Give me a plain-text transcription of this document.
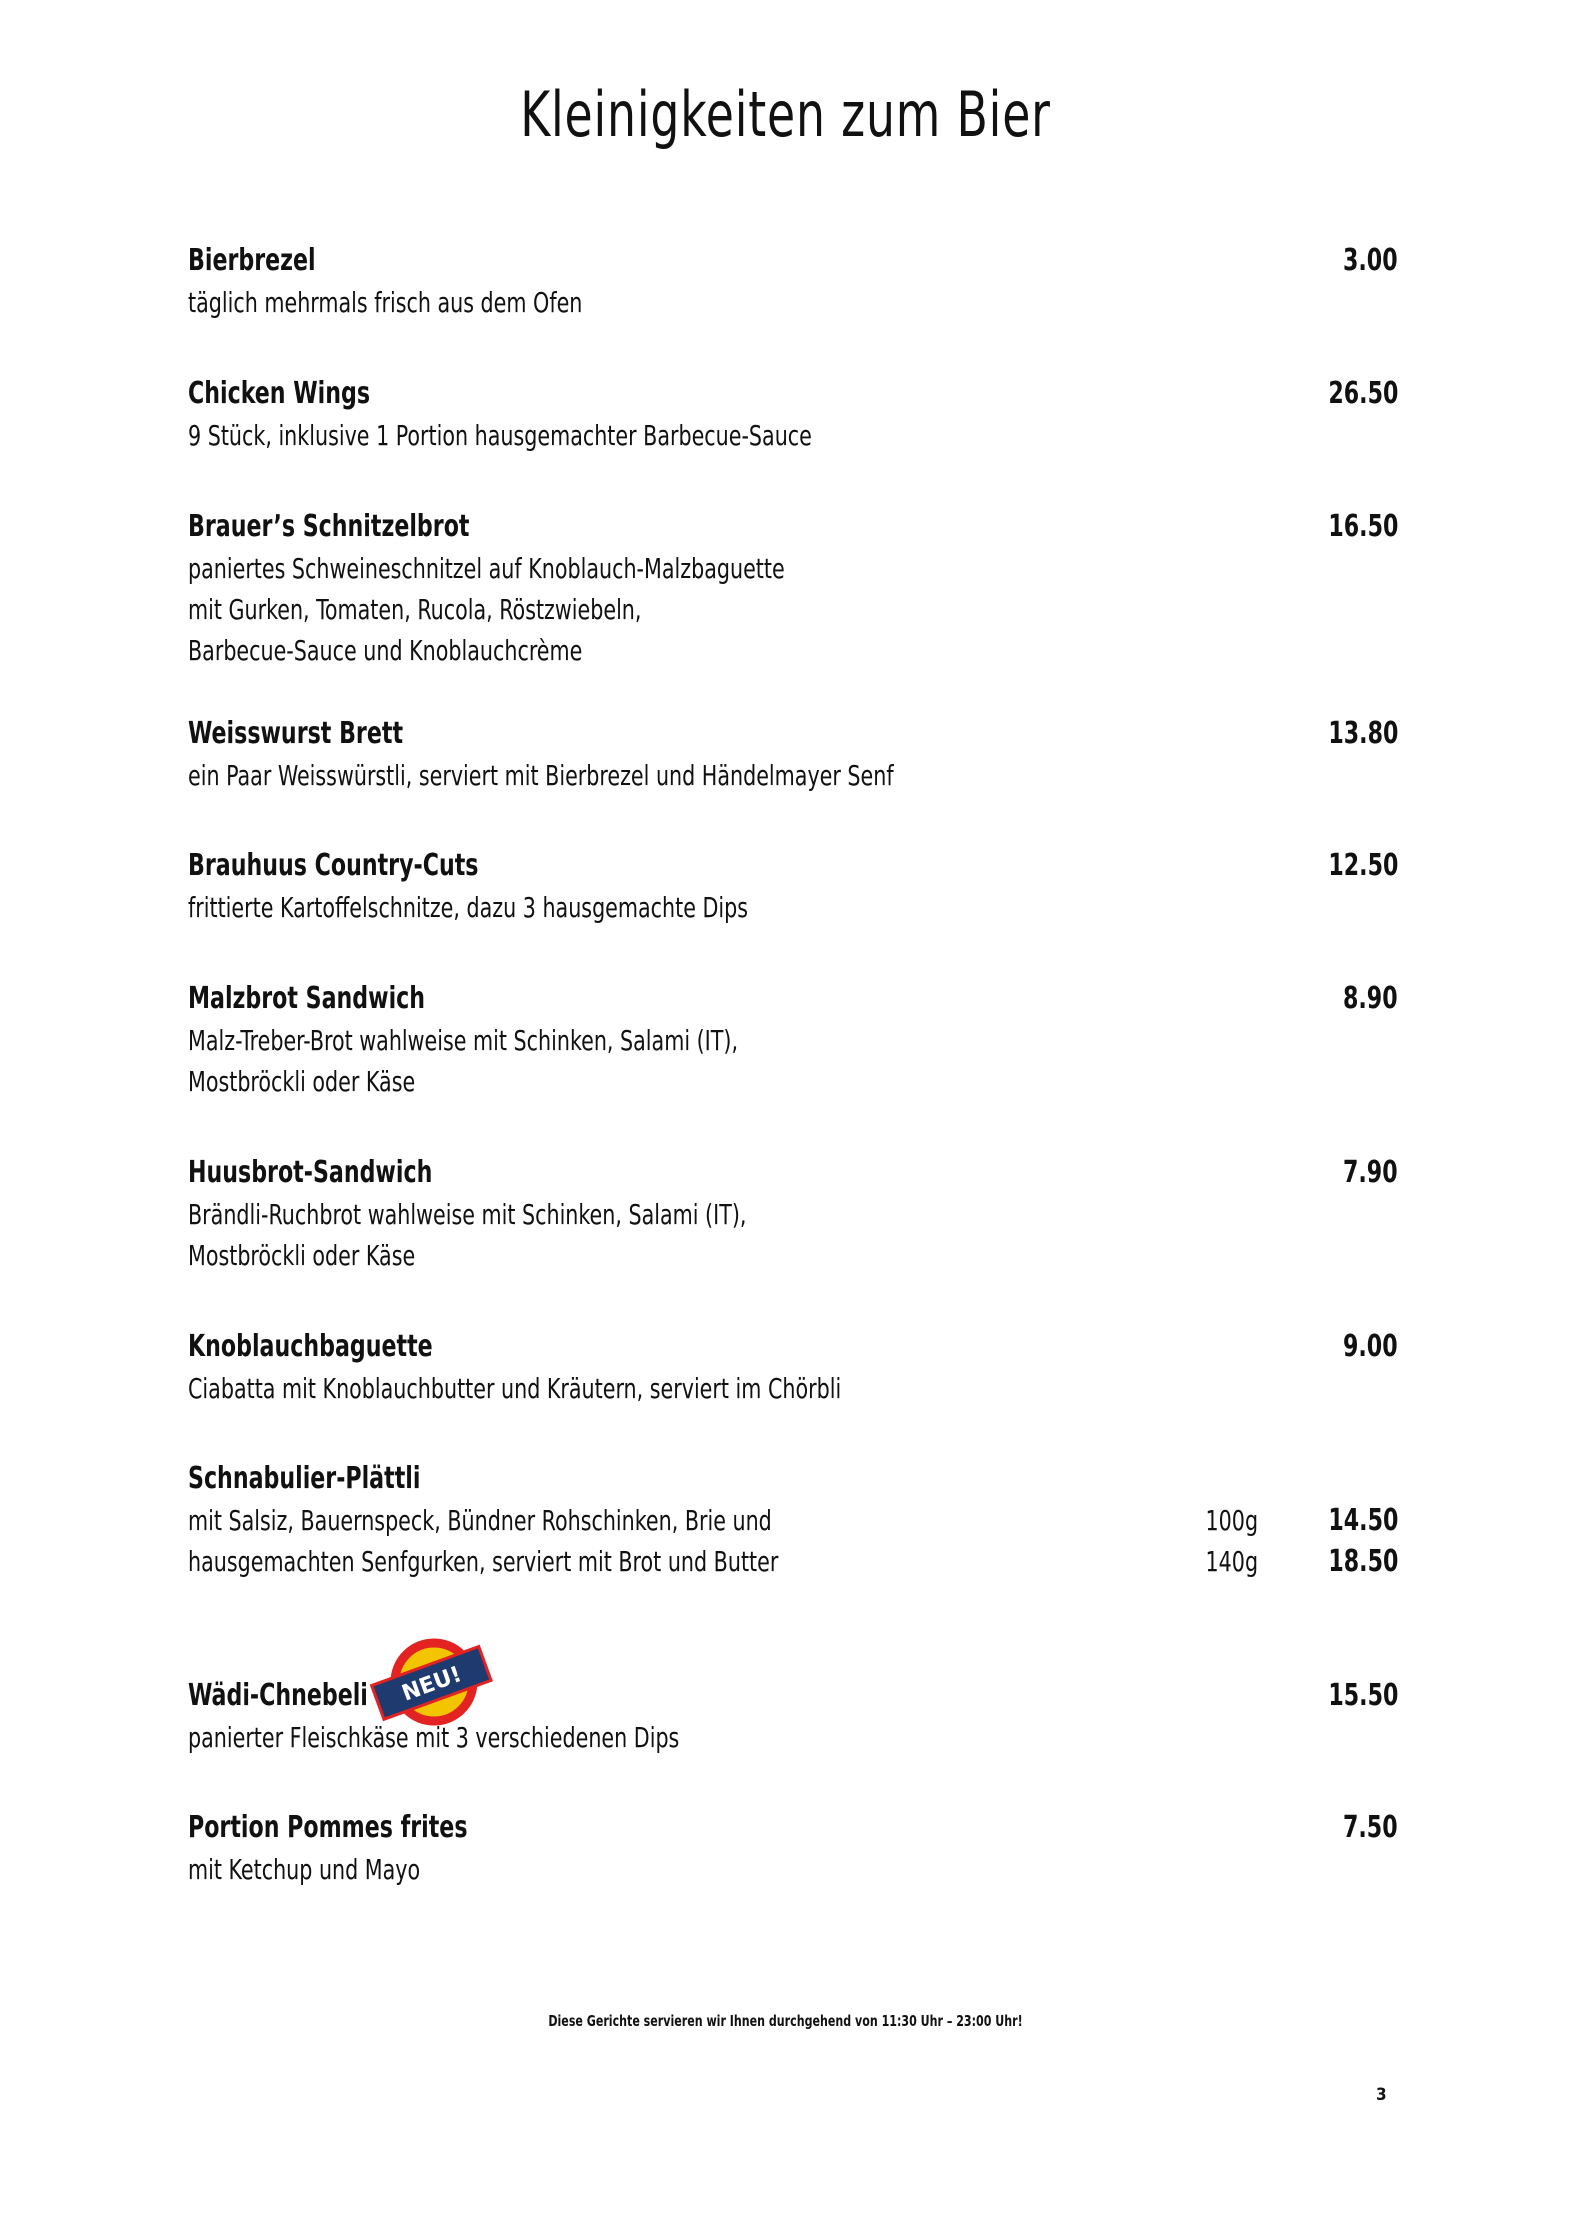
Kleinigkeiten zum Bier
Bierbrezel	3.00
täglich mehrmals frisch aus dem Ofen
Chicken Wings	26.50
9 Stück, inklusive 1 Portion hausgemachter Barbecue-Sauce
Brauer’s Schnitzelbrot	16.50
paniertes Schweineschnitzel auf Knoblauch-Malzbaguette
mit Gurken, Tomaten, Rucola, Röstzwiebeln,
Barbecue-Sauce und Knoblauchcrème
Weisswurst Brett	13.80
ein Paar Weisswürstli, serviert mit Bierbrezel und Händelmayer Senf
Brauhuus Country-Cuts	12.50
frittierte Kartoffelschnitze, dazu 3 hausgemachte Dips
Malzbrot Sandwich	8.90
Malz-Treber-Brot wahlweise mit Schinken, Salami (IT),
Mostbröckli oder Käse
Huusbrot-Sandwich	7.90
Brändli-Ruchbrot wahlweise mit Schinken, Salami (IT),
Mostbröckli oder Käse
Knoblauchbaguette	9.00
Ciabatta mit Knoblauchbutter und Kräutern, serviert im Chörbli
Schnabulier-Plättli
mit Salsiz, Bauernspeck, Bündner Rohschinken, Brie und
hausgemachten Senfgurken, serviert mit Brot und Butter
100g 14.50
140g 18.50
Wädi-Chnebeli	15.50
panierter Fleischkäse mit 3 verschiedenen Dips
NEU!
Portion Pommes frites	7.50
mit Ketchup und Mayo
Diese Gerichte servieren wir Ihnen durchgehend von 11:30 Uhr – 23:00 Uhr!
3
